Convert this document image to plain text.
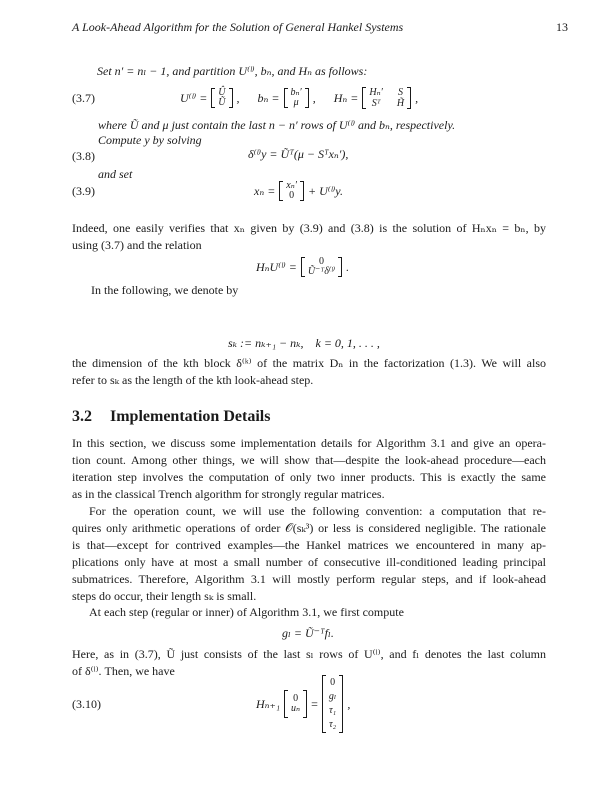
A Look-Ahead Algorithm for the Solution of General Hankel Systems	13
Set n′ = nₗ − 1, and partition U⁽ˡ⁾, bₙ, and Hₙ as follows:
(3.7)	U⁽ˡ⁾ = Û
Ũ , bₙ = bₙ′
μ , Hₙ = Hₙ′ S
Sᵀ H̃ ,
where Ũ and μ just contain the last n − n′ rows of U⁽ˡ⁾ and bₙ, respectively.
Compute y by solving
(3.8)	δ⁽ˡ⁾y = Ũᵀ(μ − Sᵀxₙ′),
and set
(3.9)	xₙ = xₙ′
0 + U⁽ˡ⁾y.
Indeed, one easily verifies that xₙ given by (3.9) and (3.8) is the solution of Hₙxₙ = bₙ, by
using (3.7) and the relation
HₙU⁽ˡ⁾ = 0
Ũ⁻ᵀδ⁽ˡ⁾ .
In the following, we denote by
sₖ := nₖ₊₁ − nₖ,    k = 0, 1, . . . ,
the dimension of the kth block δ⁽ᵏ⁾ of the matrix Dₙ in the factorization (1.3). We will also
refer to sₖ as the length of the kth look-ahead step.
3.2 Implementation Details
In this section, we discuss some implementation details for Algorithm 3.1 and give an opera-
tion count. Among other things, we will show that—despite the look-ahead procedure—each
iteration step involves the computation of only two inner products. This is exactly the same
as in the classical Trench algorithm for strongly regular matrices.
For the operation count, we will use the following convention: a computation that re-
quires only arithmetic operations of order 𝒪(sₖ³) or less is considered negligible. The rationale
is that—except for contrived examples—the Hankel matrices we encountered in many ap-
plications only have at most a small number of consecutive ill-conditioned leading principal
submatrices. Therefore, Algorithm 3.1 will mostly perform regular steps, and if look-ahead
steps do occur, their length sₖ is small.
At each step (regular or inner) of Algorithm 3.1, we first compute
gₗ = Ũ⁻ᵀfₗ.
Here, as in (3.7), Ũ just consists of the last sₗ rows of U⁽ˡ⁾, and fₗ denotes the last column
of δ⁽ˡ⁾. Then, we have
(3.10)	Hₙ₊₁ 0
uₙ =
0
gₗ
τ₁
τ₂
,
